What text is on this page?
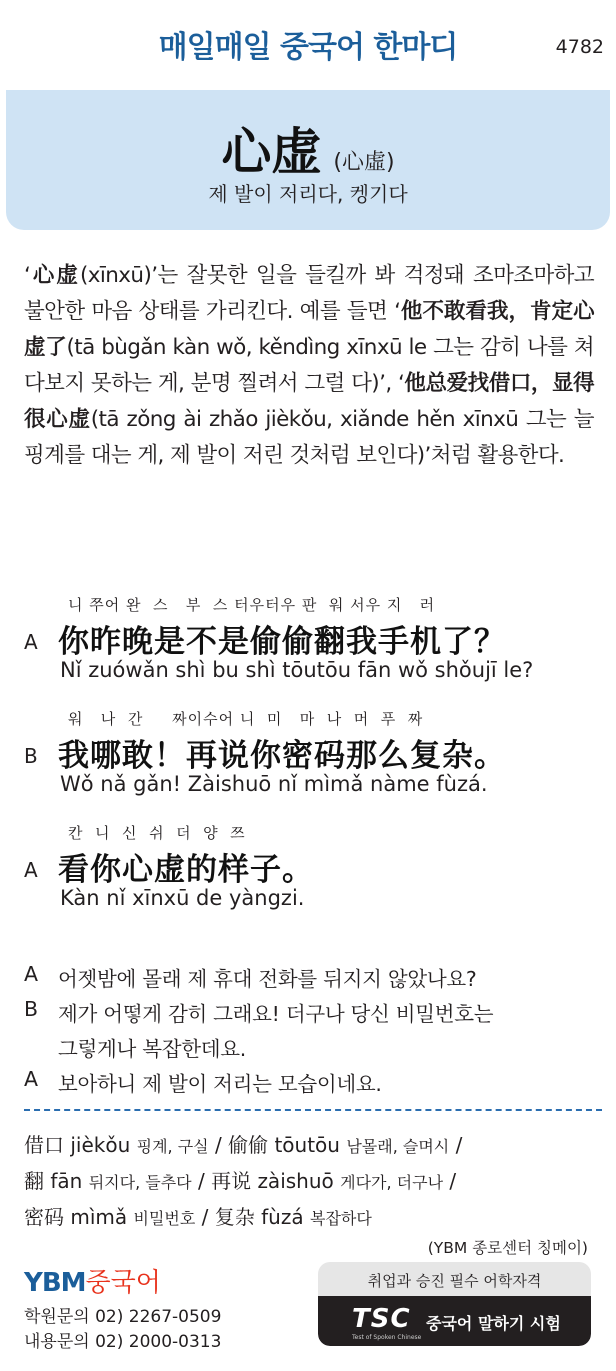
매일매일 중국어 한마디	4782
心虚 (心虛)
제 발이 저리다, 켕기다
‘心虚(xīnxū)’는 잘못한 일을 들킬까 봐 걱정돼 조마조마하고 불안한 마음 상태를 가리킨다. 예를 들면 ‘他不敢看我，肯定心虚了(tā bùgǎn kàn wǒ, kěndìng xīnxū le 그는 감히 나를 쳐다보지 못하는 게, 분명 찔려서 그럴 다)’, ‘他总爱找借口，显得很心虚(tā zǒng ài zhǎo jièkǒu, xiǎnde hěn xīnxū 그는 늘 핑계를 대는 게, 제 발이 저린 것처럼 보인다)’처럼 활용한다.
니 쭈어 완  스   부  스 터우터우 판  워 서우 지   러
A 你昨晚是不是偷偷翻我手机了？
Nǐ zuówǎn shì bu shì tōutōu fān wǒ shǒujī le?
워   나  간     짜이수어 니  미   마  나  머  푸  짜
B 我哪敢！再说你密码那么复杂。
Wǒ nǎ gǎn! Zàishuō nǐ mìmǎ nàme fùzá.
칸  니  신  쉬  더  양  쯔
A 看你心虚的样子。
Kàn nǐ xīnxū de yàngzi.
A 어젯밤에 몰래 제 휴대 전화를 뒤지지 않았나요?
B 제가 어떻게 감히 그래요! 더구나 당신 비밀번호는
그렇게나 복잡한데요.
A 보아하니 제 발이 저리는 모습이네요.
借口 jièkǒu 핑계, 구실 / 偷偷 tōutōu 남몰래, 슬며시 /
翻 fān 뒤지다, 들추다 / 再说 zàishuō 게다가, 더구나 /
密码 mìmǎ 비밀번호 / 复杂 fùzá 복잡하다
(YBM 종로센터 칭메이)
YBM중국어
학원문의 02) 2267-0509
내용문의 02) 2000-0313
취업과 승진 필수 어학자격
TSC
Test of Spoken Chinese
중국어 말하기 시험
